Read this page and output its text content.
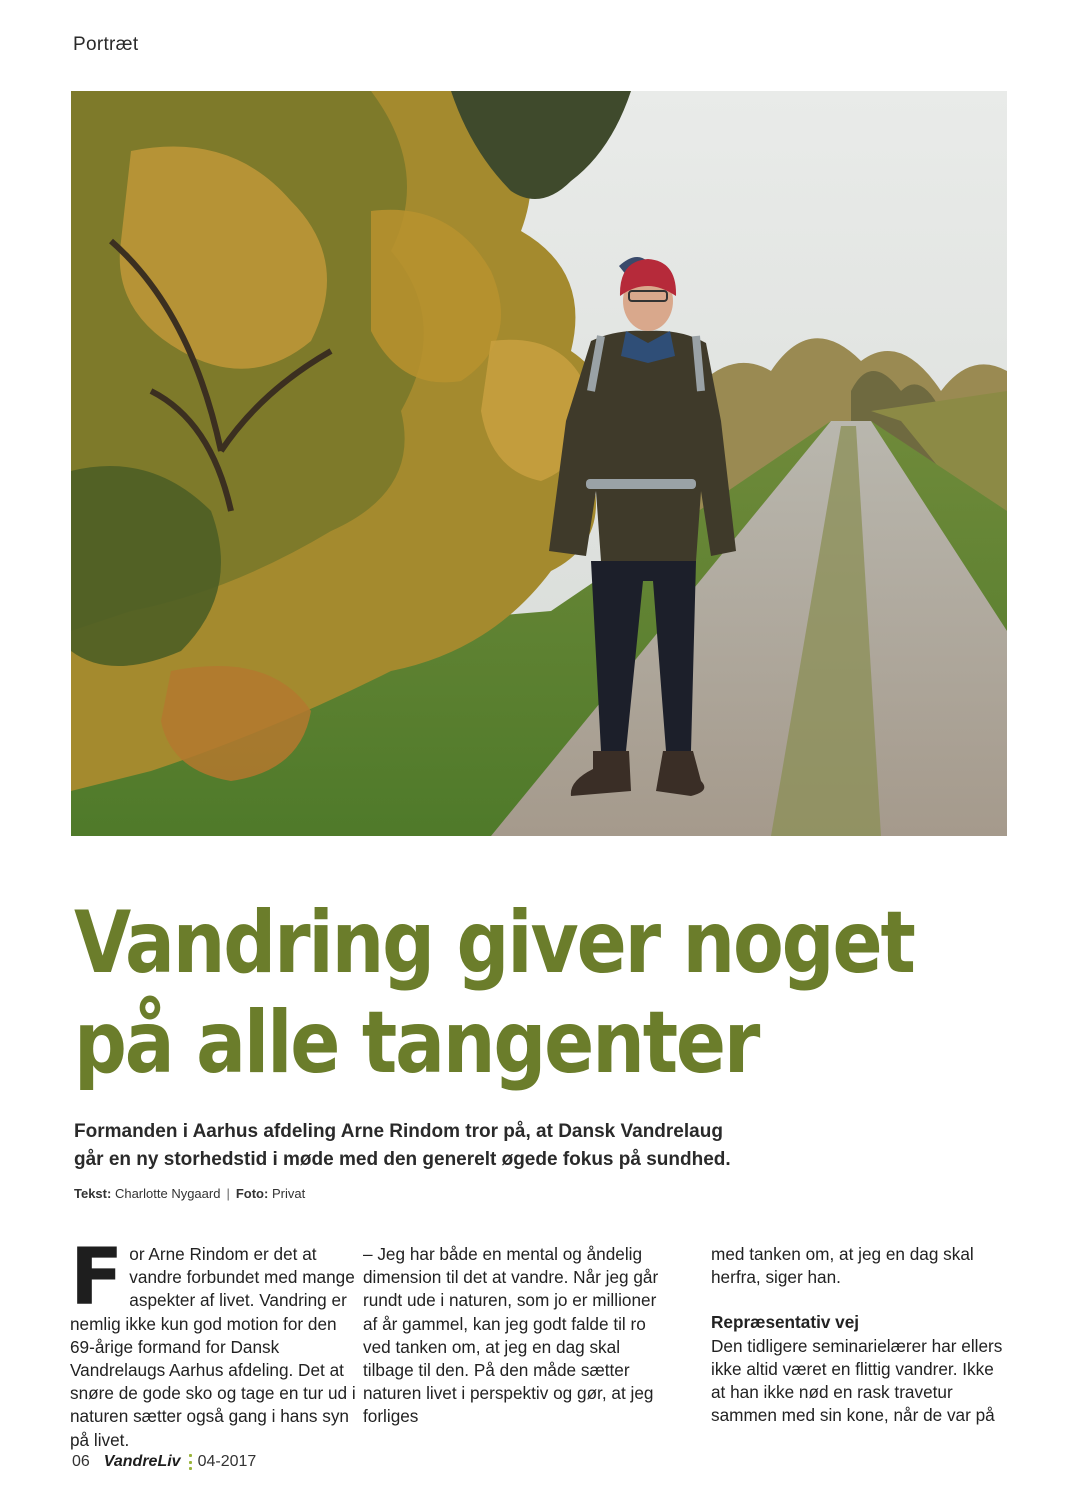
Portræt
Vandring giver noget
på alle tangenter

Formanden i Aarhus afdeling Arne Rindom tror på, at Dansk Vandrelaug
går en ny storhedstid i møde med den generelt øgede fokus på sundhed.

Tekst: Charlotte Nygaard | Foto: Privat
F or Arne Rindom er det at vandre forbundet med mange aspekter af livet. Vandring er nemlig ikke kun god motion for den 69-årige formand for Dansk Vandrelaugs Aarhus afdeling. Det at snøre de gode sko og tage en tur ud i naturen sætter også gang i hans syn på livet.

– Jeg har både en mental og åndelig dimension til det at vandre. Når jeg går rundt ude i naturen, som jo er millioner af år gammel, kan jeg godt falde til ro ved tanken om, at jeg en dag skal tilbage til den. På den måde sætter naturen livet i perspektiv og gør, at jeg forliges

med tanken om, at jeg en dag skal herfra, siger han.

Repræsentativ vej

Den tidligere seminarielærer har ellers ikke altid været en flittig vandrer. Ikke at han ikke nød en rask travetur sammen med sin kone, når de var på

06 VandreLiv 04-2017
